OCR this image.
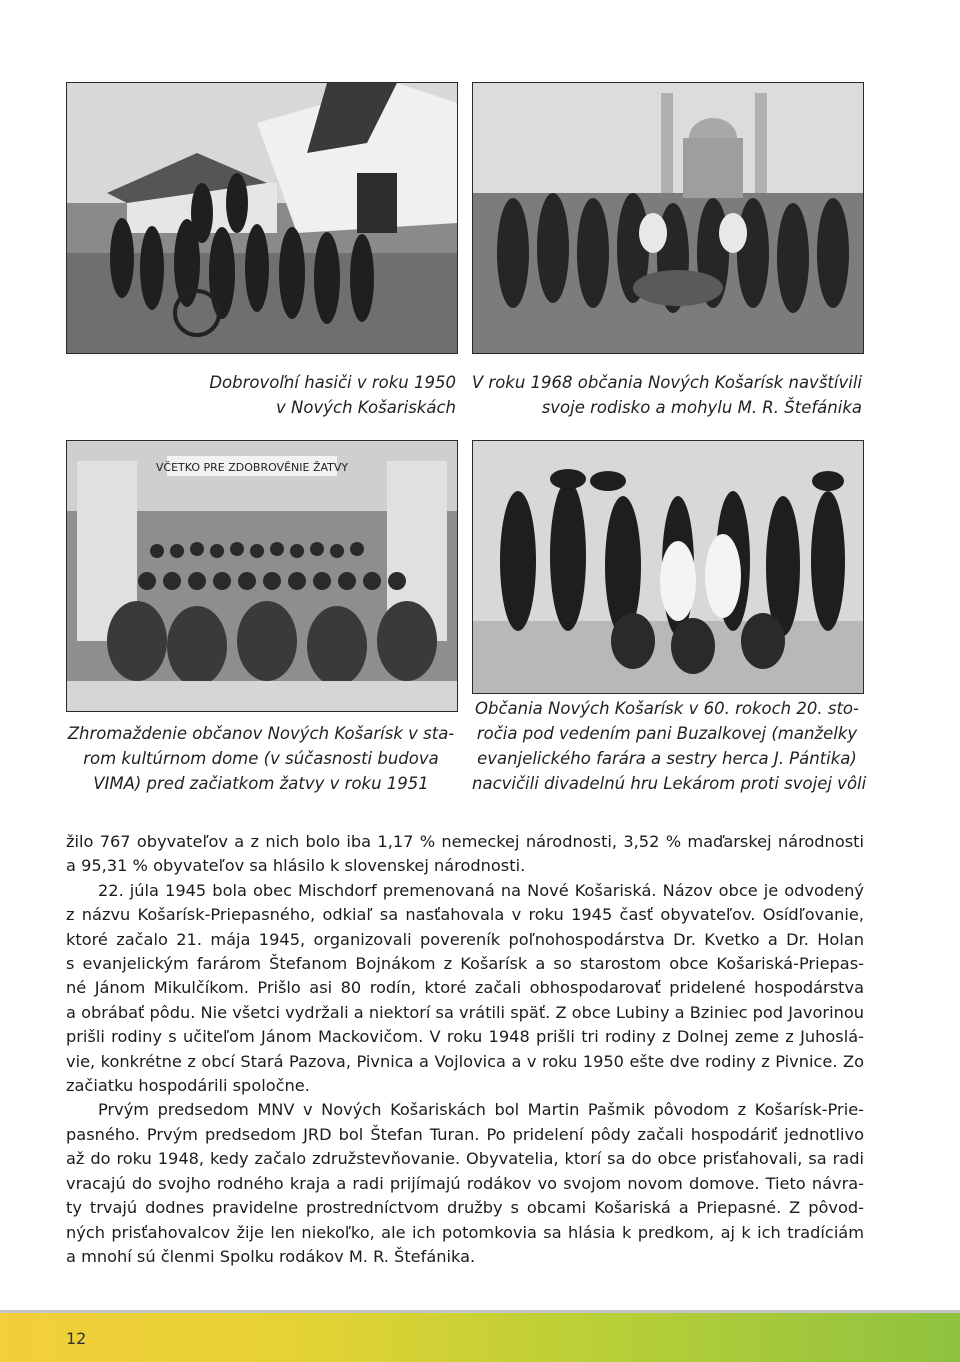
Dobrovoľní hasiči v roku 1950
v Nových Košariskách
V roku 1968 občania Nových Košarísk navštívili
svoje rodisko a mohylu M. R. Štefánika
VČETKO PRE ZDOBROVĚNIE ŽATVY
Zhromaždenie občanov Nových Košarísk v sta-
rom kultúrnom dome (v súčasnosti budova
VIMA) pred začiatkom žatvy v roku 1951
Občania Nových Košarísk v 60. rokoch 20. sto-
ročia pod vedením pani Buzalkovej (manželky
evanjelického farára a sestry herca J. Pántika)
nacvičili divadelnú hru Lekárom proti svojej vôli
žilo 767 obyvateľov a z nich bolo iba 1,17 % nemeckej národnosti, 3,52 % maďarskej národnosti
a 95,31 % obyvateľov sa hlásilo k slovenskej národnosti.
22. júla 1945 bola obec Mischdorf premenovaná na Nové Košariská. Názov obce je odvodený
z názvu Košarísk-Priepasného, odkiaľ sa nasťahovala v roku 1945 časť obyvateľov. Osídľovanie,
ktoré začalo 21. mája 1945, organizovali povereník poľnohospodárstva Dr. Kvetko a Dr. Holan
s evanjelickým farárom Štefanom Bojnákom z Košarísk a so starostom obce Košariská-Priepas-
né Jánom Mikulčíkom. Prišlo asi 80 rodín, ktoré začali obhospodarovať pridelené hospodárstva
a obrábať pôdu. Nie všetci vydržali a niektorí sa vrátili späť. Z obce Lubiny a Bziniec pod Javorinou
prišli rodiny s učiteľom Jánom Mackovičom. V roku 1948 prišli tri rodiny z Dolnej zeme z Juhoslá-
vie, konkrétne z obcí Stará Pazova, Pivnica a Vojlovica a v roku 1950 ešte dve rodiny z Pivnice. Zo
začiatku hospodárili spoločne.
Prvým predsedom MNV v Nových Košariskách bol Martin Pašmik pôvodom z Košarísk-Prie-
pasného. Prvým predsedom JRD bol Štefan Turan. Po pridelení pôdy začali hospodáriť jednotlivo
až do roku 1948, kedy začalo združstevňovanie. Obyvatelia, ktorí sa do obce prisťahovali, sa radi
vracajú do svojho rodného kraja a radi prijímajú rodákov vo svojom novom domove. Tieto návra-
ty trvajú dodnes pravidelne prostredníctvom družby s obcami Košariská a Priepasné. Z pôvod-
ných prisťahovalcov žije len niekoľko, ale ich potomkovia sa hlásia k predkom, aj k ich tradíciám
a mnohí sú členmi Spolku rodákov M. R. Štefánika.
12
